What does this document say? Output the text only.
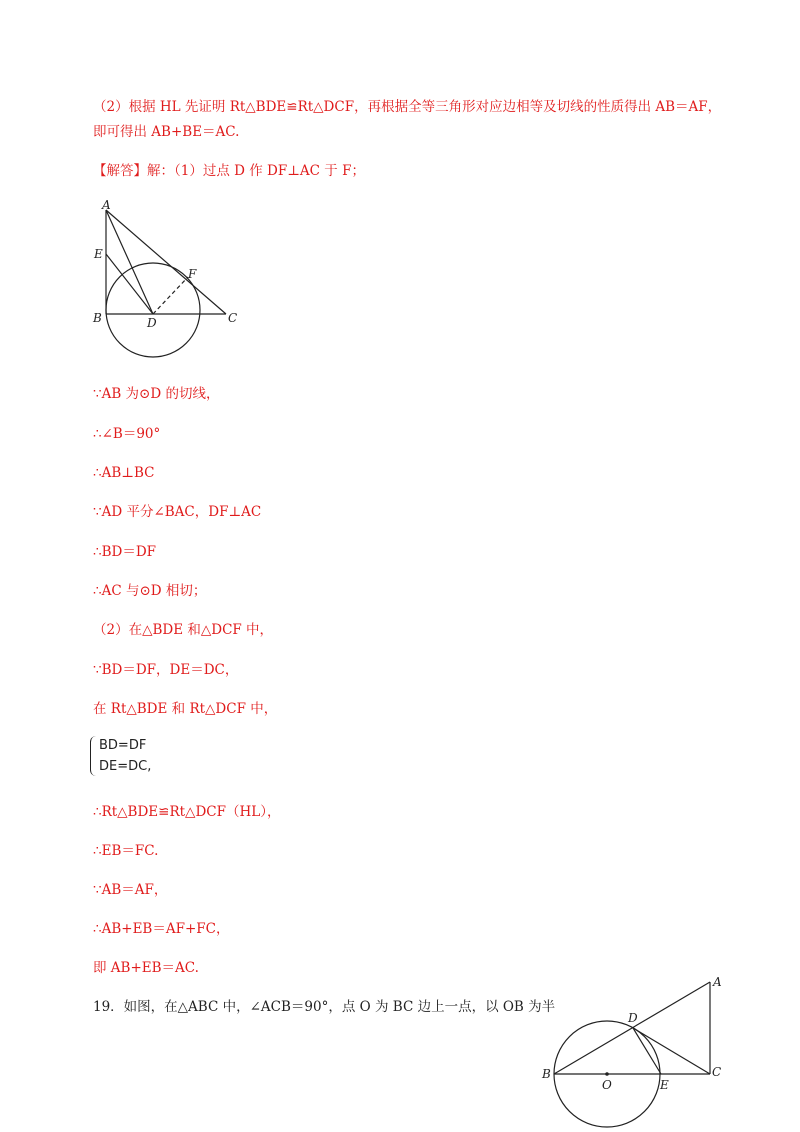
（2）根据 HL 先证明 Rt△BDE≌Rt△DCF，再根据全等三角形对应边相等及切线的性质得出 AB＝AF，
即可得出 AB+BE＝AC.
【解答】解：（1）过点 D 作 DF⊥AC 于 F；
A
E
F
B	D	C
∵AB 为⊙D 的切线，
∴∠B＝90°
∴AB⊥BC
∵AD 平分∠BAC，DF⊥AC
∴BD＝DF
∴AC 与⊙D 相切；
（2）在△BDE 和△DCF 中，
∵BD＝DF，DE＝DC，
在 Rt△BDE 和 Rt△DCF 中，
BD=DF
DE=DC,
∴Rt△BDE≌Rt△DCF（HL），
∴EB＝FC.
∵AB＝AF，
∴AB+EB＝AF+FC，
即 AB+EB＝AC.
19．如图，在△ABC 中，∠ACB＝90°，点 O 为 BC 边上一点，以 OB 为半
A
D
B
O	E
C
